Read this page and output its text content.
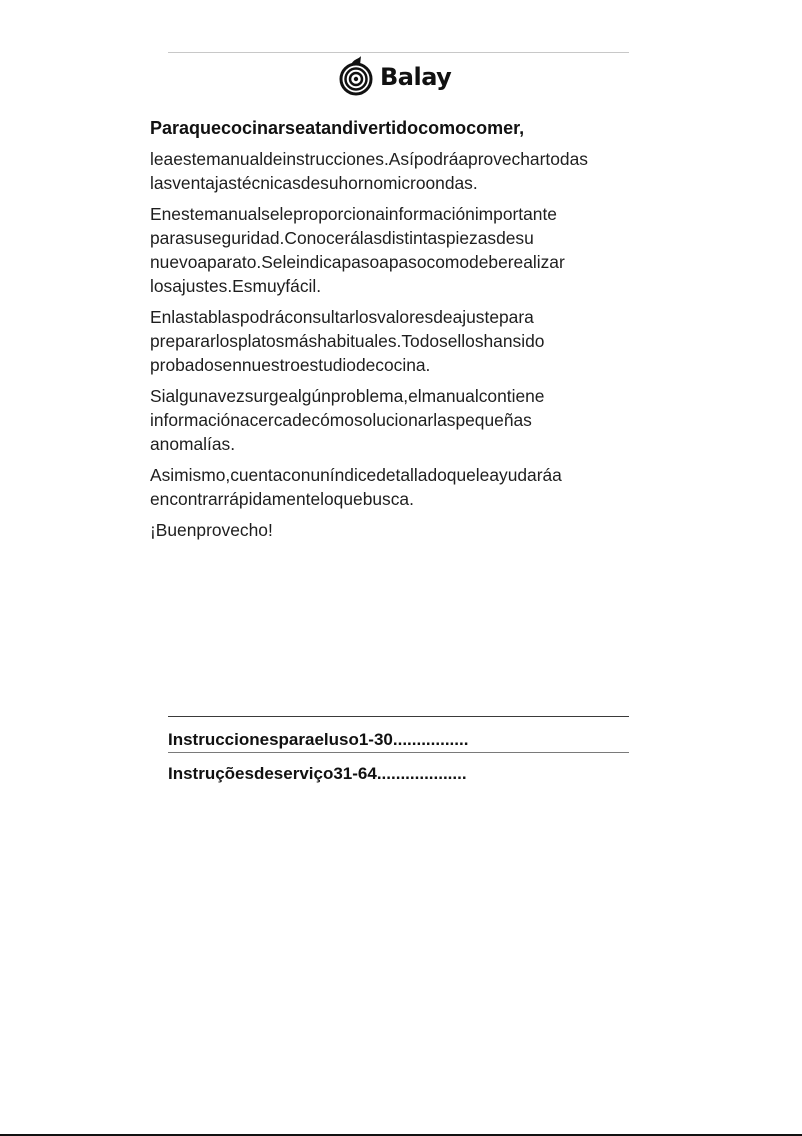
Balay
Paraquecocinarseatandivertidocomocomer,
leaestemanualdeinstrucciones.Asípodráaprovechartodas
lasventajastécnicasdesuhornomicroondas.
Enestemanualseleproporcionainformaciónimportante
parasuseguridad.Conocerálasdistintaspiezasdesu
nuevoaparato.Seleindicapasoapasocomodeberealizar
losajustes.Esmuyfácil.
Enlastablaspodráconsultarlosvaloresdeajustepara
prepararlosplatosmáshabituales.Todoselloshansido
probadosennuestroestudiodecocina.
Sialgunavezsurgealgúnproblema,elmanualcontiene
informaciónacercadecómosolucionarlaspequeñas
anomalías.
Asimismo,cuentaconuníndicedetalladoqueleayudaráa
encontrarrápidamenteloquebusca.
¡Buenprovecho!
Instruccionesparaeluso1-30................
Instruçõesdeserviço31-64...................
